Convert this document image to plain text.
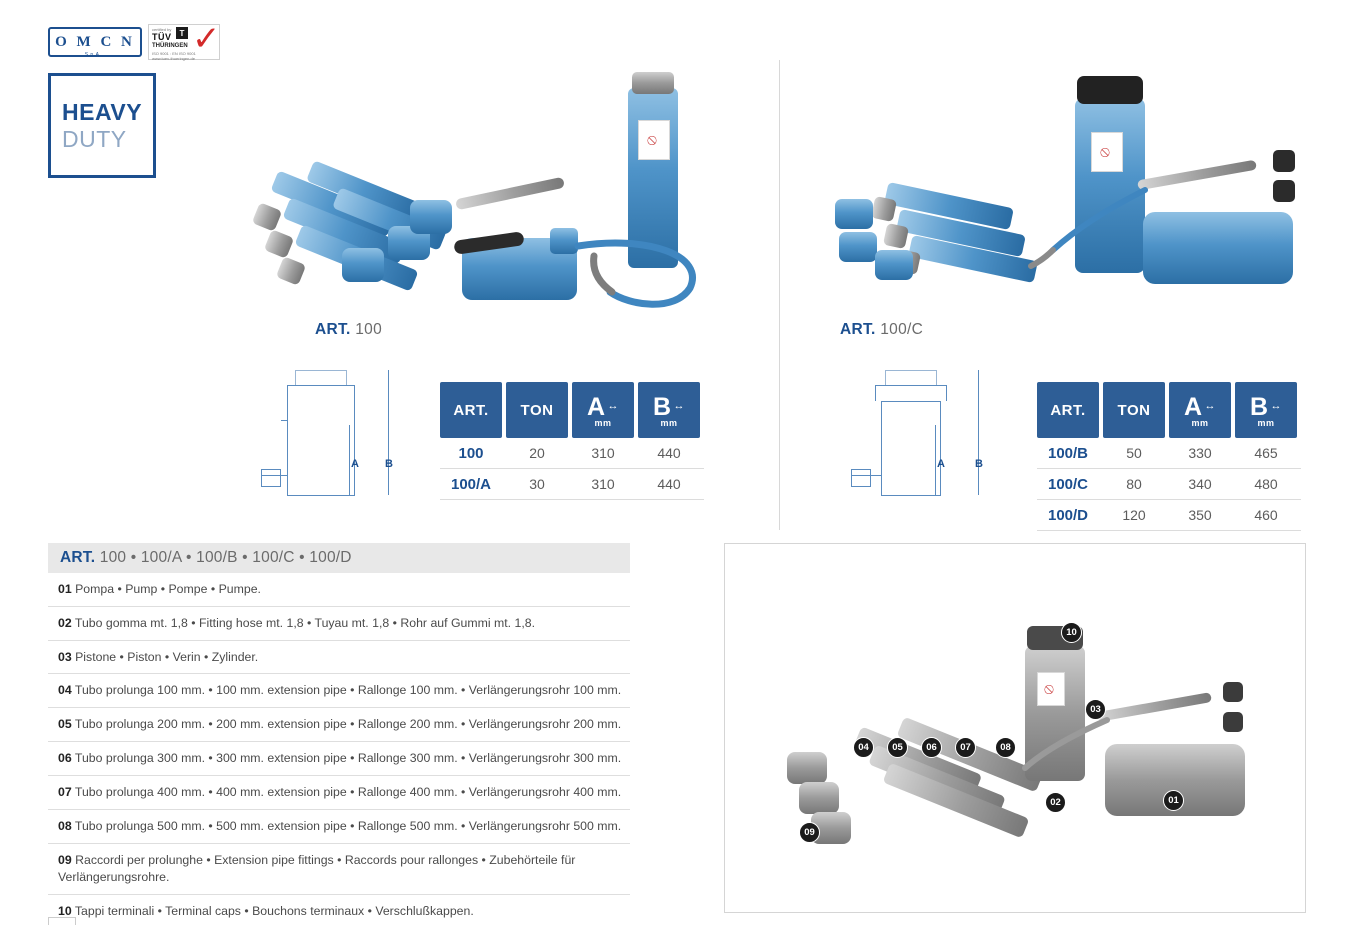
O M C N
S.p.A.
certified by
TÜV
THÜRINGEN
ISO 9001 : EN ISO 9001
www.tuev-thueringen.de
T ✓
HEAVY
DUTY
ART. 100	ART. 100/C
A B
ART.	TON	A ↔
mm
B ↔
mm
100	20	310	440
100/A	30	310	440
A	B
ART.	TON	A ↔
mm
B ↔
mm
100/B	50	330	465
100/C	80	340	480
100/D	120	350	460
ART.
100 • 100/A • 100/B • 100/C • 100/D
01 Pompa • Pump • Pompe • Pumpe.
02 Tubo gomma mt. 1,8 • Fitting hose mt. 1,8 • Tuyau mt. 1,8 • Rohr auf Gummi mt. 1,8.
03 Pistone • Piston • Verin • Zylinder.
04 Tubo prolunga 100 mm. • 100 mm. extension pipe • Rallonge 100 mm. • Verlängerungsrohr 100 mm.
05 Tubo prolunga 200 mm. • 200 mm. extension pipe • Rallonge 200 mm. • Verlängerungsrohr 200 mm.
06 Tubo prolunga 300 mm. • 300 mm. extension pipe • Rallonge 300 mm. • Verlängerungsrohr 300 mm.
07 Tubo prolunga 400 mm. • 400 mm. extension pipe • Rallonge 400 mm. • Verlängerungsrohr 400 mm.
08 Tubo prolunga 500 mm. • 500 mm. extension pipe • Rallonge 500 mm. • Verlängerungsrohr 500 mm.
09 Raccordi per prolunghe • Extension pipe fittings • Raccords pour rallonges • Zubehörteile für Verlängerungsrohre.
10 Tappi terminali • Terminal caps • Bouchons terminaux • Verschlußkappen.
10
03
04	05	06	07	08
09
02	01
